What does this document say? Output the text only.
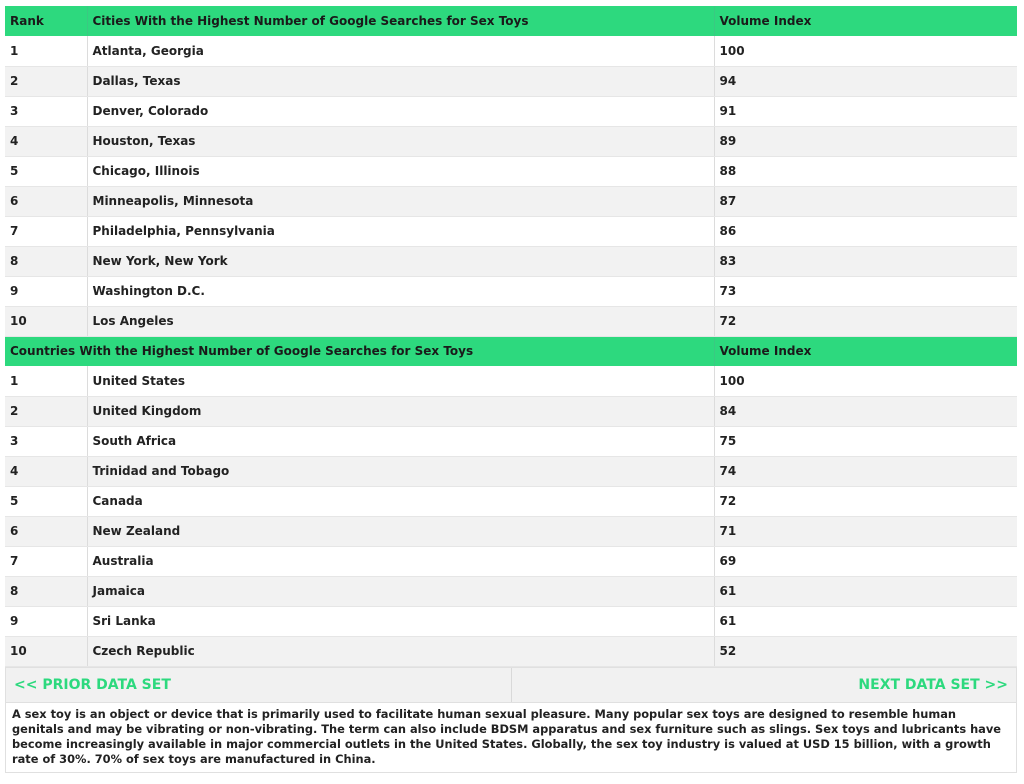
Rank	Cities With the Highest Number of Google Searches for Sex Toys	Volume Index
1	Atlanta, Georgia	100
2	Dallas, Texas	94
3	Denver, Colorado	91
4	Houston, Texas	89
5	Chicago, Illinois	88
6	Minneapolis, Minnesota	87
7	Philadelphia, Pennsylvania	86
8	New York, New York	83
9	Washington D.C.	73
10	Los Angeles	72
Countries With the Highest Number of Google Searches for Sex Toys		Volume Index
1	United States	100
2	United Kingdom	84
3	South Africa	75
4	Trinidad and Tobago	74
5	Canada	72
6	New Zealand	71
7	Australia	69
8	Jamaica	61
9	Sri Lanka	61
10	Czech Republic	52
<< PRIOR DATA SET	NEXT DATA SET >>
A sex toy is an object or device that is primarily used to facilitate human sexual pleasure. Many popular sex toys are designed to resemble human genitals and may be vibrating or non-vibrating. The term can also include BDSM apparatus and sex furniture such as slings. Sex toys and lubricants have become increasingly available in major commercial outlets in the United States. Globally, the sex toy industry is valued at USD 15 billion, with a growth rate of 30%. 70% of sex toys are manufactured in China.
